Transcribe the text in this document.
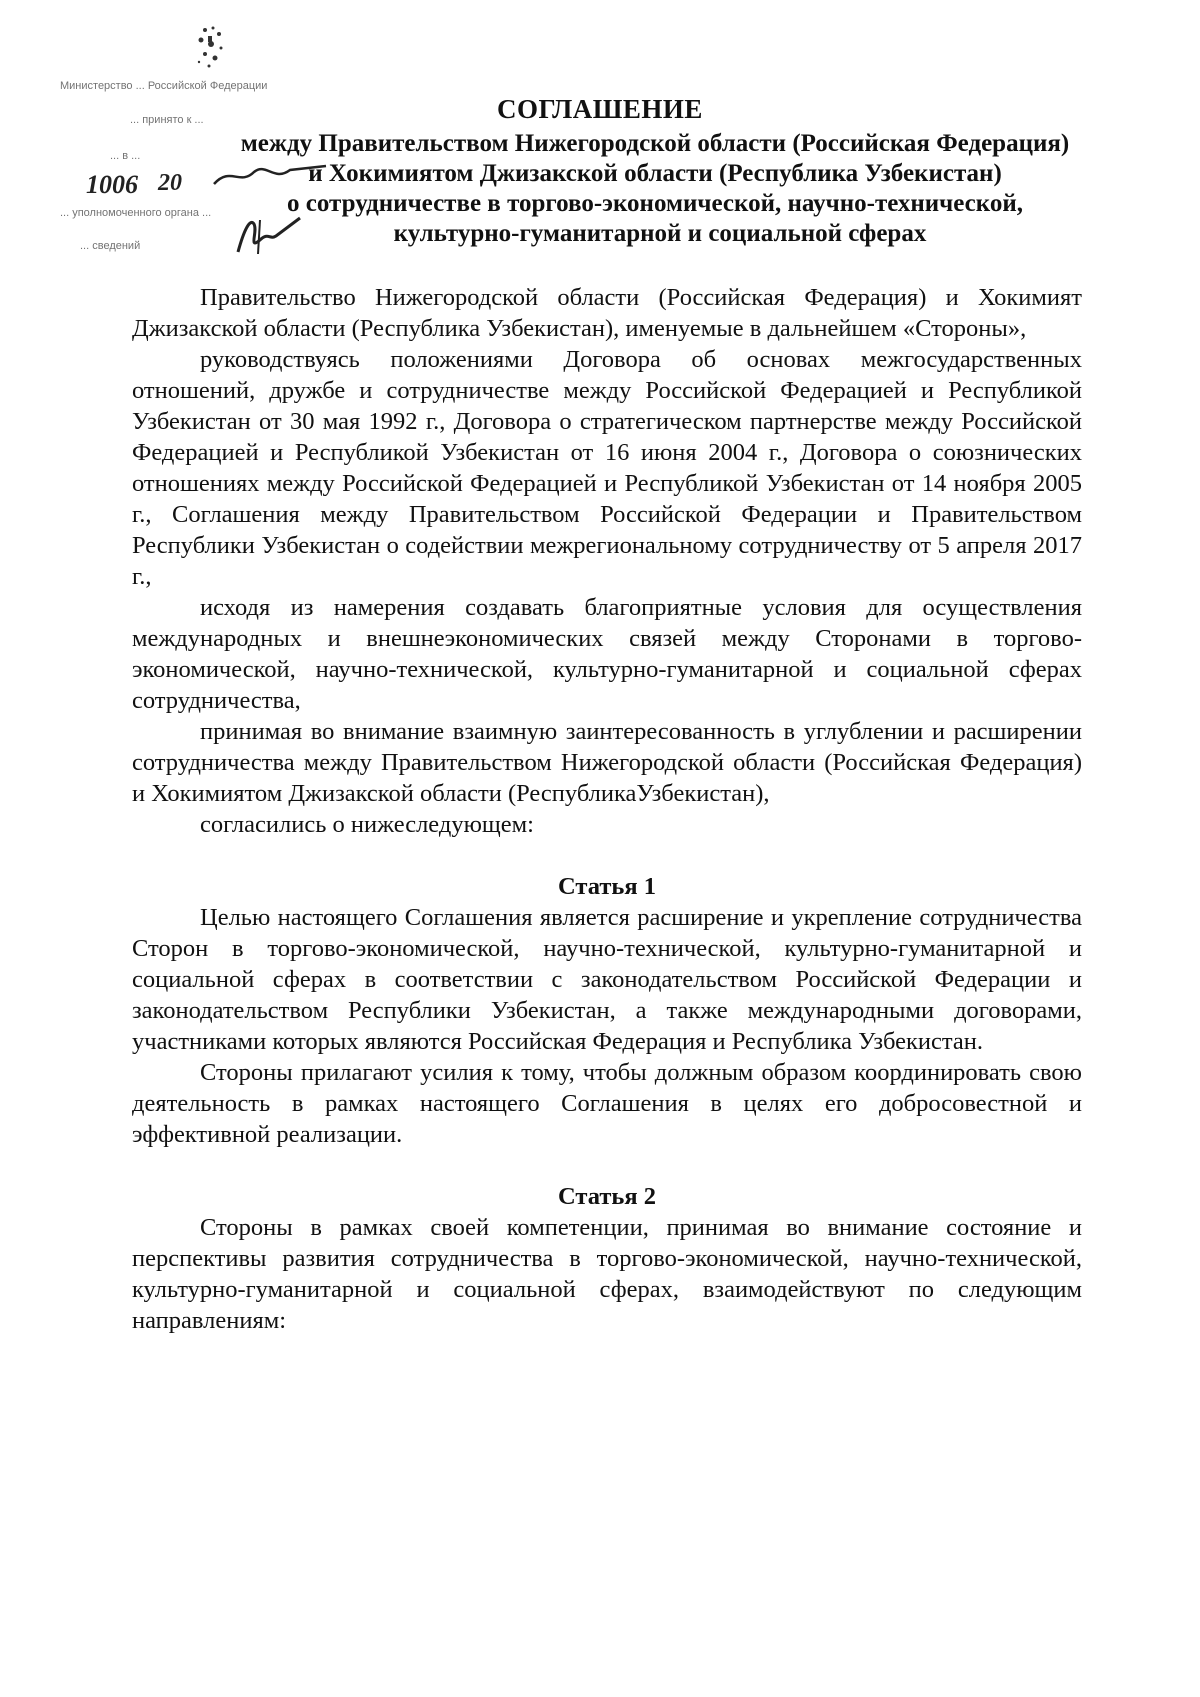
Министерство ... Российской Федерации
... принято к ...
... в ...
... уполномоченного органа ...
... сведений
1006 20
СОГЛАШЕНИЕ
между Правительством Нижегородской области (Российская Федерация)
и Хокимиятом Джизакской области (Республика Узбекистан)
о сотрудничестве в торгово-экономической, научно-технической,
культурно-гуманитарной и социальной сферах

Правительство Нижегородской области (Российская Федерация) и Хокимият Джизакской области (Республика Узбекистан), именуемые в дальнейшем «Стороны»,

руководствуясь положениями Договора об основах межгосударственных отношений, дружбе и сотрудничестве между Российской Федерацией и Республикой Узбекистан от 30 мая 1992 г., Договора о стратегическом партнерстве между Российской Федерацией и Республикой Узбекистан от 16 июня 2004 г., Договора о союзнических отношениях между Российской Федерацией и Республикой Узбекистан от 14 ноября 2005 г., Соглашения между Правительством Российской Федерации и Правительством Республики Узбекистан о содействии межрегиональному сотрудничеству от 5 апреля 2017 г.,

исходя из намерения создавать благоприятные условия для осуществления международных и внешнеэкономических связей между Сторонами в торгово-экономической, научно-технической, культурно-гуманитарной и социальной сферах сотрудничества,

принимая во внимание взаимную заинтересованность в углублении и расширении сотрудничества между Правительством Нижегородской области (Российская Федерация) и Хокимиятом Джизакской области (РеспубликаУзбекистан),

согласились о нижеследующем:

Статья 1

Целью настоящего Соглашения является расширение и укрепление сотрудничества Сторон в торгово-экономической, научно-технической, культурно-гуманитарной и социальной сферах в соответствии с законодательством Российской Федерации и законодательством Республики Узбекистан, а также международными договорами, участниками которых являются Российская Федерация и Республика Узбекистан.

Стороны прилагают усилия к тому, чтобы должным образом координировать свою деятельность в рамках настоящего Соглашения в целях его добросовестной и эффективной реализации.

Статья 2

Стороны в рамках своей компетенции, принимая во внимание состояние и перспективы развития сотрудничества в торгово-экономической, научно-технической, культурно-гуманитарной и социальной сферах, взаимодействуют по следующим направлениям:
